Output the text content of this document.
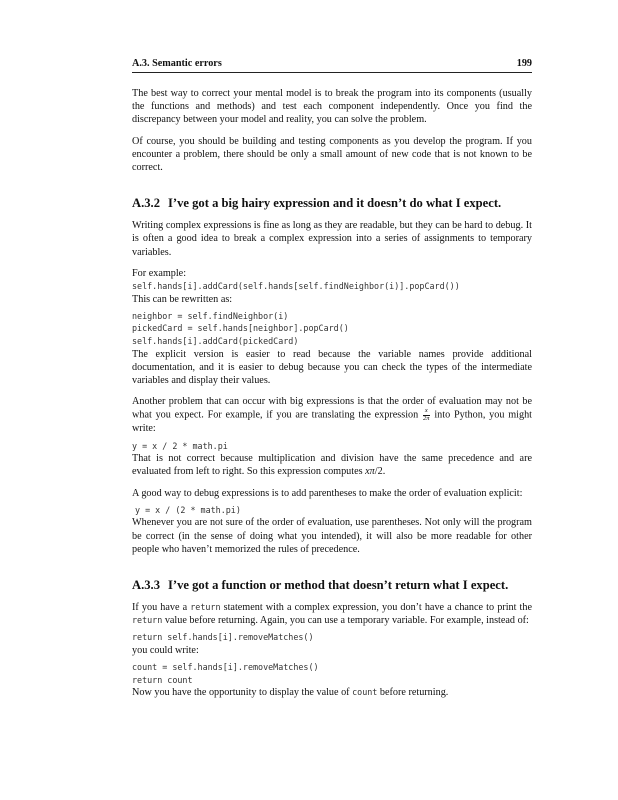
A.3. Semantic errors	199

The best way to correct your mental model is to break the program into its components (usually the functions and methods) and test each component independently. Once you find the discrepancy between your model and reality, you can solve the problem.

Of course, you should be building and testing components as you develop the program. If you encounter a problem, there should be only a small amount of new code that is not known to be correct.

A.3.2 I’ve got a big hairy expression and it doesn’t do what I expect.

Writing complex expressions is fine as long as they are readable, but they can be hard to debug. It is often a good idea to break a complex expression into a series of assignments to temporary variables.

For example:

self.hands[i].addCard(self.hands[self.findNeighbor(i)].popCard())

This can be rewritten as:

neighbor = self.findNeighbor(i)
pickedCard = self.hands[neighbor].popCard()
self.hands[i].addCard(pickedCard)

The explicit version is easier to read because the variable names provide additional documentation, and it is easier to debug because you can check the types of the intermediate variables and display their values.

Another problem that can occur with big expressions is that the order of evaluation may not be what you expect. For example, if you are translating the expression $\frac{x}{2\pi}$ into Python, you might write:

y = x / 2 * math.pi

That is not correct because multiplication and division have the same precedence and are evaluated from left to right. So this expression computes xπ/2.

A good way to debug expressions is to add parentheses to make the order of evaluation explicit:

y = x / (2 * math.pi)

Whenever you are not sure of the order of evaluation, use parentheses. Not only will the program be correct (in the sense of doing what you intended), it will also be more readable for other people who haven’t memorized the rules of precedence.

A.3.3 I’ve got a function or method that doesn’t return what I expect.

If you have a return statement with a complex expression, you don’t have a chance to print the return value before returning. Again, you can use a temporary variable. For example, instead of:

return self.hands[i].removeMatches()

you could write:

count = self.hands[i].removeMatches()
return count

Now you have the opportunity to display the value of count before returning.
